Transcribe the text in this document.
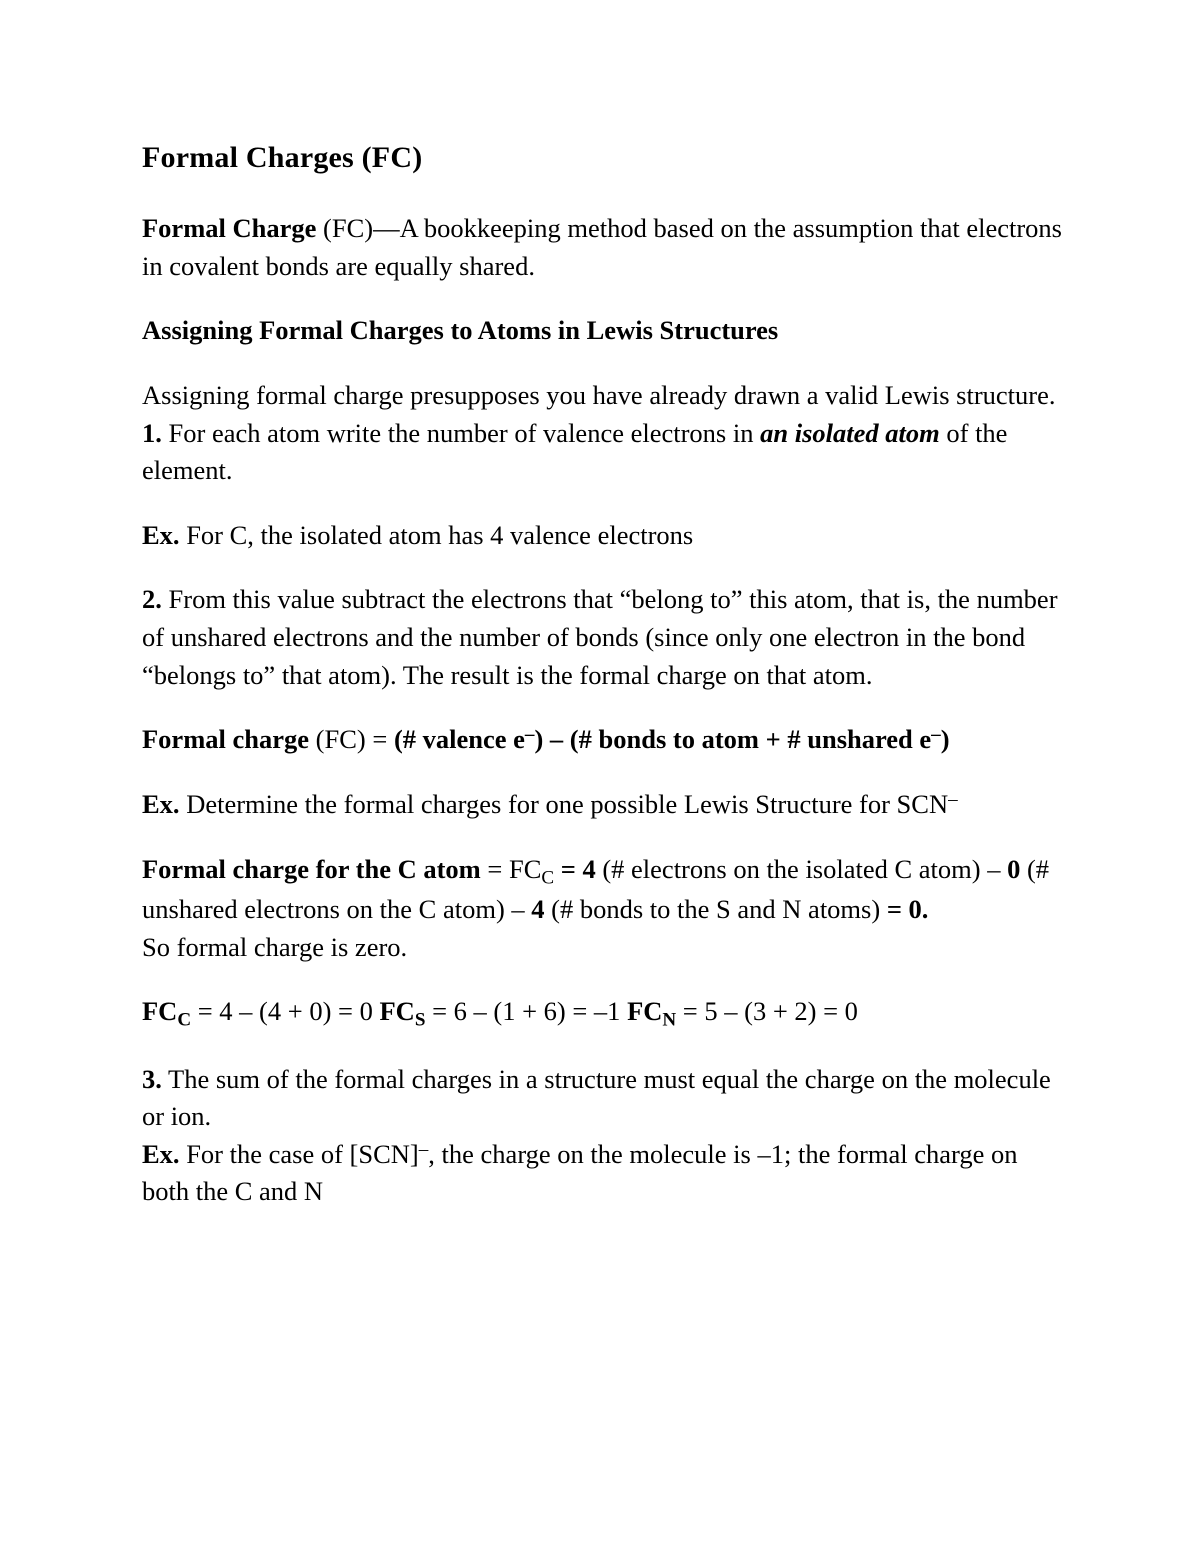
Formal Charges (FC)

Formal Charge (FC)—A bookkeeping method based on the assumption that electrons in covalent bonds are equally shared.

Assigning Formal Charges to Atoms in Lewis Structures

Assigning formal charge presupposes you have already drawn a valid Lewis structure. 1. For each atom write the number of valence electrons in an isolated atom of the element.

Ex. For C, the isolated atom has 4 valence electrons

2. From this value subtract the electrons that “belong to” this atom, that is, the number of unshared electrons and the number of bonds (since only one electron in the bond “belongs to” that atom). The result is the formal charge on that atom.

Formal charge (FC) = (# valence e–) – (# bonds to atom + # unshared e–)

Ex. Determine the formal charges for one possible Lewis Structure for SCN–

Formal charge for the C atom = $FC_C = 4$ (# electrons on the isolated C atom) – 0 (# unshared electrons on the C atom) – 4 (# bonds to the S and N atoms) = 0.

So formal charge is zero.

$FC_C = 4 - (4 + 0) = 0$ $FC_S = 6 - (1 + 6) = -1$ $FC_N = 5 - (3 + 2) = 0$

3. The sum of the formal charges in a structure must equal the charge on the molecule or ion.

Ex. For the case of [SCN]–, the charge on the molecule is –1; the formal charge on both the C and N
